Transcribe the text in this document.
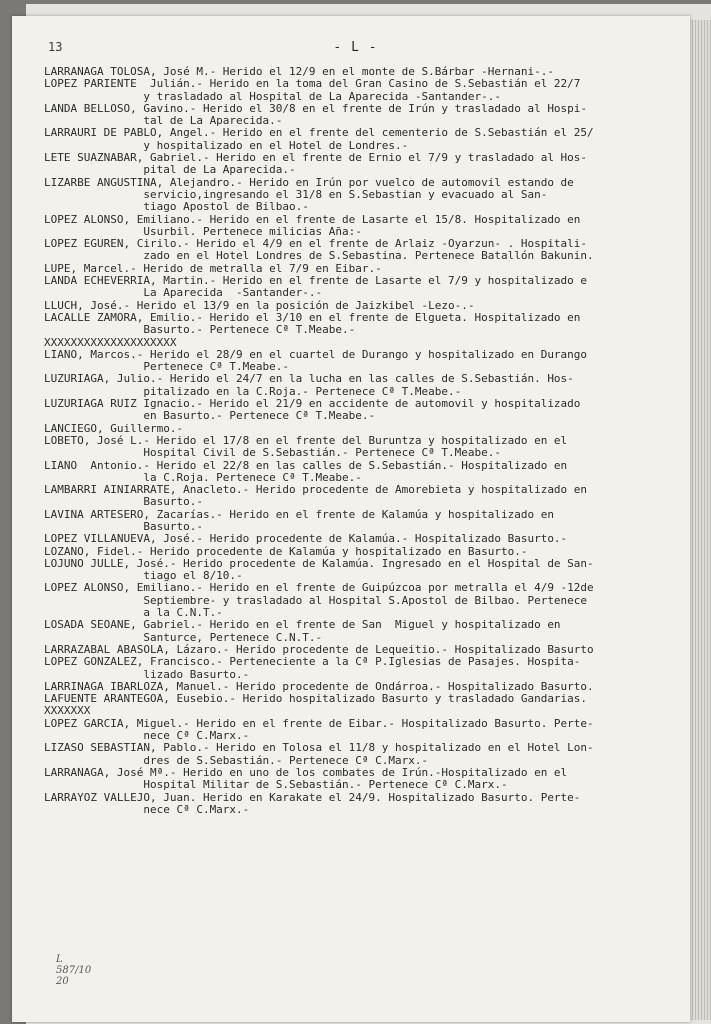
13	- L -
LARRAÑAGA TOLOSA, José M.- Herido el 12/9 en el monte de S.Bárbar -Hernani-.-
LOPEZ PARIENTE  Julián.- Herido en la toma del Gran Casino de S.Sebastián el 22/7
y trasladado al Hospital de La Aparecida -Santander-.-
LANDA BELLOSO, Gavino.- Herido el 30/8 en el frente de Irún y trasladado al Hospi-
tal de La Aparecida.-
LARRAURI DE PABLO, Angel.- Herido en el frente del cementerio de S.Sebastián el 25/
y hospitalizado en el Hotel de Londres.-
LETE SUAZNABAR, Gabriel.- Herido en el frente de Ernio el 7/9 y trasladado al Hos-
pital de La Aparecida.-
LIZARBE ANGUSTINA, Alejandro.- Herido en Irún por vuelco de automovil estando de
servicio,ingresando el 31/8 en S.Sebastian y evacuado al San-
tiago Apostol de Bilbao.-
LOPEZ ALONSO, Emiliano.- Herido en el frente de Lasarte el 15/8. Hospitalizado en
Usurbil. Pertenece milicias Aña:-
LOPEZ EGUREN, Cirilo.- Herido el 4/9 en el frente de Arlaiz -Oyarzun- . Hospitali-
zado en el Hotel Londres de S.Sebastina. Pertenece Batallón Bakunin.
LUPE, Marcel.- Herido de metralla el 7/9 en Eibar.-
LANDA ECHEVERRIA, Martin.- Herido en el frente de Lasarte el 7/9 y hospitalizado e
La Aparecida  -Santander-.-
LLUCH, José.- Herido el 13/9 en la posición de Jaizkibel -Lezo-.-
LACALLE ZAMORA, Emilio.- Herido el 3/10 en el frente de Elgueta. Hospitalizado en
Basurto.- Pertenece Cª T.Meabe.-
XXXXXXXXXXXXXXXXXXXX
LIAÑO, Marcos.- Herido el 28/9 en el cuartel de Durango y hospitalizado en Durango
Pertenece Cª T.Meabe.-
LUZURIAGA, Julio.- Herido el 24/7 en la lucha en las calles de S.Sebastián. Hos-
pitalizado en la C.Roja.- Pertenece Cª T.Meabe.-
LUZURIAGA RUIZ Ignacio.- Herido el 21/9 en accidente de automovil y hospitalizado
en Basurto.- Pertenece Cª T.Meabe.-
LANCIEGO, Guillermo.-
LOBETO, José L.- Herido el 17/8 en el frente del Buruntza y hospitalizado en el
Hospital Civil de S.Sebastián.- Pertenece Cª T.Meabe.-
LIAÑO  Antonio.- Herido el 22/8 en las calles de S.Sebastián.- Hospitalizado en
la C.Roja. Pertenece Cª T.Meabe.-
LAMBARRI AINIARRATE, Anacleto.- Herido procedente de Amorebieta y hospitalizado en
Basurto.-
LAVIÑA ARTESERO, Zacarías.- Herido en el frente de Kalamúa y hospitalizado en
Basurto.-
LOPEZ VILLANUEVA, José.- Herido procedente de Kalamúa.- Hospitalizado Basurto.-
LOZANO, Fidel.- Herido procedente de Kalamúa y hospitalizado en Basurto.-
LOJUNO JULLE, José.- Herido procedente de Kalamúa. Ingresado en el Hospital de San-
tiago el 8/10.-
LOPEZ ALONSO, Emiliano.- Herido en el frente de Guipúzcoa por metralla el 4/9 -12de
Septiembre- y trasladado al Hospital S.Apostol de Bilbao. Pertenece
a la C.N.T.-
LOSADA SEOANE, Gabriel.- Herido en el frente de San  Miguel y hospitalizado en
Santurce, Pertenece C.N.T.-
LARRAZABAL ABASOLA, Lázaro.- Herido procedente de Lequeitio.- Hospitalizado Basurto
LOPEZ GONZALEZ, Francisco.- Perteneciente a la Cª P.Iglesias de Pasajes. Hospita-
lizado Basurto.-
LARRINAGA IBARLOZA, Manuel.- Herido procedente de Ondárroa.- Hospitalizado Basurto.
LAFUENTE ARANTEGOA, Eusebio.- Herido hospitalizado Basurto y trasladado Gandarias.
XXXXXXX
LOPEZ GARCIA, Miguel.- Herido en el frente de Eibar.- Hospitalizado Basurto. Perte-
nece Cª C.Marx.-
LIZASO SEBASTIAN, Pablo.- Herido en Tolosa el 11/8 y hospitalizado en el Hotel Lon-
dres de S.Sebastián.- Pertenece Cª C.Marx.-
LARRAÑAGA, José Mª.- Herido en uno de los combates de Irún.-Hospitalizado en el
Hospital Militar de S.Sebastián.- Pertenece Cª C.Marx.-
LARRAYOZ VALLEJO, Juan. Herido en Karakate el 24/9. Hospitalizado Basurto. Perte-
nece Cª C.Marx.-
L
587/10
20
